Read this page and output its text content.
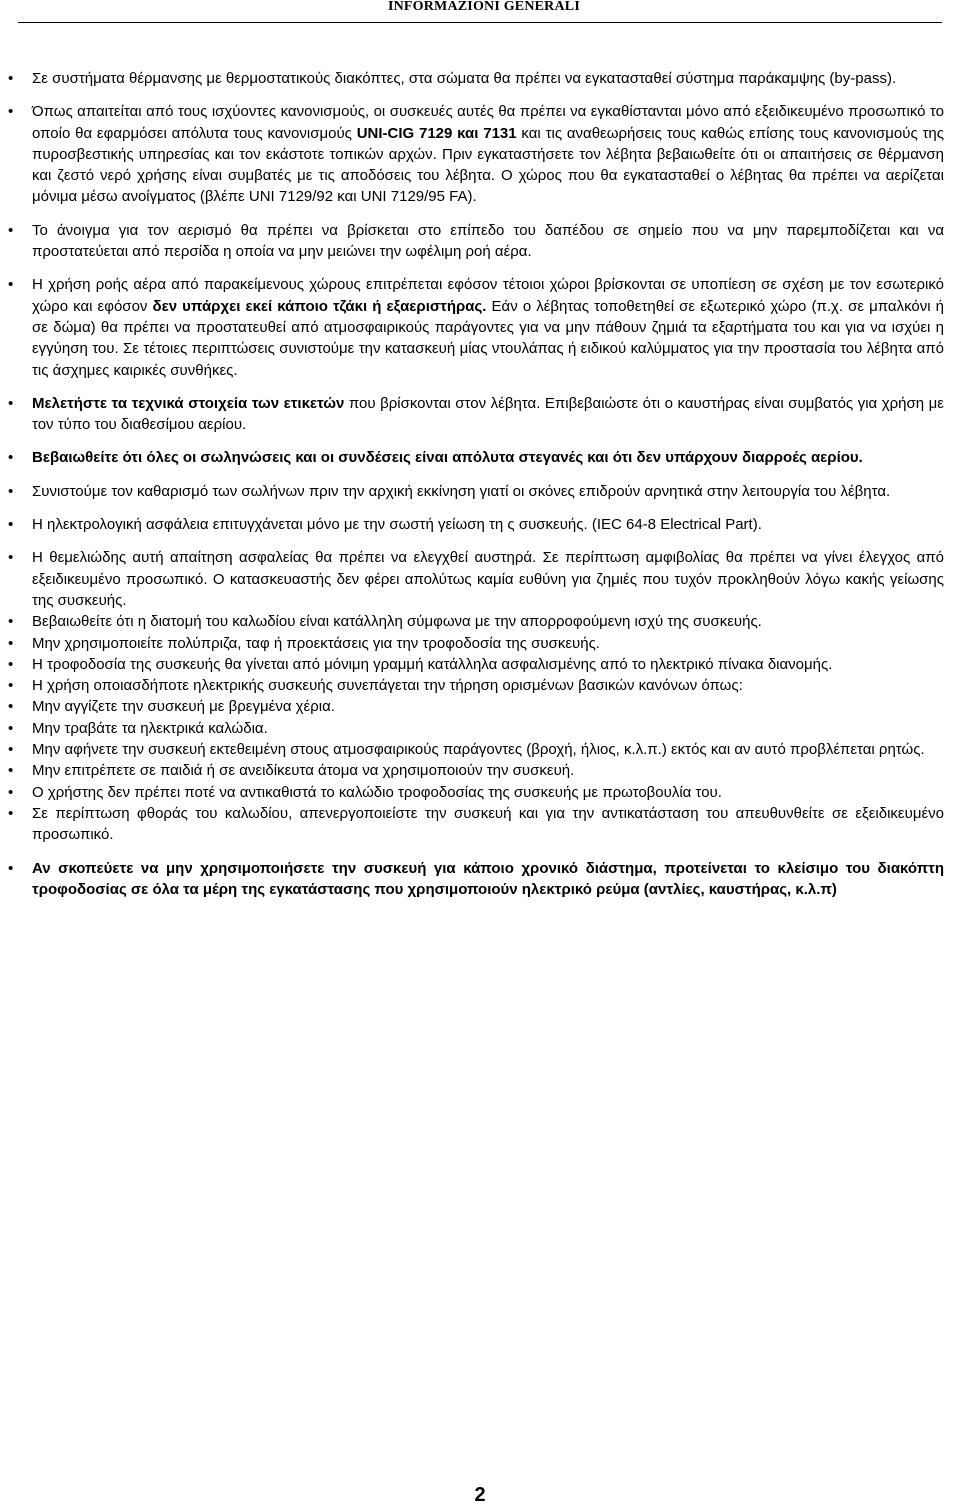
INFORMAZIONI GENERALI
• Σε συστήματα θέρμανσης με θερμοστατικούς διακόπτες, στα σώματα θα πρέπει να εγκατασταθεί σύστημα παράκαμψης (by-pass).
• Όπως απαιτείται από τους ισχύοντες κανονισμούς, οι συσκευές αυτές θα πρέπει να εγκαθίστανται μόνο από εξειδικευμένο προσωπικό το οποίο θα εφαρμόσει απόλυτα τους κανονισμούς UNI-CIG 7129 και 7131 και τις αναθεωρήσεις τους καθώς επίσης τους κανονισμούς της πυροσβεστικής υπηρεσίας και τον εκάστοτε τοπικών αρχών. Πριν εγκαταστήσετε τον λέβητα βεβαιωθείτε ότι οι απαιτήσεις σε θέρμανση και ζεστό νερό χρήσης είναι συμβατές με τις αποδόσεις του λέβητα. Ο χώρος που θα εγκατασταθεί ο λέβητας θα πρέπει να αερίζεται μόνιμα μέσω ανοίγματος (βλέπε UNI 7129/92 και UNI 7129/95 FA).
• Το άνοιγμα για τον αερισμό θα πρέπει να βρίσκεται στο επίπεδο του δαπέδου σε σημείο που να μην παρεμποδίζεται και να προστατεύεται από περσίδα η οποία να μην μειώνει την ωφέλιμη ροή αέρα.
• Η χρήση ροής αέρα από παρακείμενους χώρους επιτρέπεται εφόσον τέτοιοι χώροι βρίσκονται σε υποπίεση σε σχέση με τον εσωτερικό χώρο και εφόσον δεν υπάρχει εκεί κάποιο τζάκι ή εξαεριστήρας. Εάν ο λέβητας τοποθετηθεί σε εξωτερικό χώρο (π.χ. σε μπαλκόνι ή σε δώμα) θα πρέπει να προστατευθεί από ατμοσφαιρικούς παράγοντες για να μην πάθουν ζημιά τα εξαρτήματα του και για να ισχύει η εγγύηση του. Σε τέτοιες περιπτώσεις συνιστούμε την κατασκευή μίας ντουλάπας ή ειδικού καλύμματος για την προστασία του λέβητα από τις άσχημες καιρικές συνθήκες.
• Μελετήστε τα τεχνικά στοιχεία των ετικετών που βρίσκονται στον λέβητα. Επιβεβαιώστε ότι ο καυστήρας είναι συμβατός για χρήση με τον τύπο του διαθεσίμου αερίου.
• Βεβαιωθείτε ότι όλες οι σωληνώσεις και οι συνδέσεις είναι απόλυτα στεγανές και ότι δεν υπάρχουν διαρροές αερίου.
• Συνιστούμε τον καθαρισμό των σωλήνων πριν την αρχική εκκίνηση γιατί οι σκόνες επιδρούν αρνητικά στην λειτουργία του λέβητα.
• Η ηλεκτρολογική ασφάλεια επιτυγχάνεται μόνο με την σωστή γείωση τη ς συσκευής. (IEC 64-8 Electrical Part).
• Η θεμελιώδης αυτή απαίτηση ασφαλείας θα πρέπει να ελεγχθεί αυστηρά. Σε περίπτωση αμφιβολίας θα πρέπει να γίνει έλεγχος από εξειδικευμένο προσωπικό. Ο κατασκευαστής δεν φέρει απολύτως καμία ευθύνη για ζημιές που τυχόν προκληθούν λόγω κακής γείωσης της συσκευής.
• Βεβαιωθείτε ότι η διατομή του καλωδίου είναι κατάλληλη σύμφωνα με την απορροφούμενη ισχύ της συσκευής.
• Μην χρησιμοποιείτε πολύπριζα, ταφ ή προεκτάσεις για την τροφοδοσία της συσκευής.
• Η τροφοδοσία της συσκευής θα γίνεται από μόνιμη γραμμή κατάλληλα ασφαλισμένης από το ηλεκτρικό πίνακα διανομής.
• Η χρήση οποιασδήποτε ηλεκτρικής συσκευής συνεπάγεται την τήρηση ορισμένων βασικών κανόνων όπως:
• Μην αγγίζετε την συσκευή με βρεγμένα χέρια.
• Μην τραβάτε τα ηλεκτρικά καλώδια.
• Μην αφήνετε την συσκευή εκτεθειμένη στους ατμοσφαιρικούς παράγοντες (βροχή, ήλιος, κ.λ.π.) εκτός και αν αυτό προβλέπεται ρητώς.
• Μην επιτρέπετε σε παιδιά ή σε ανειδίκευτα άτομα να χρησιμοποιούν την συσκευή.
• Ο χρήστης δεν πρέπει ποτέ να αντικαθιστά το καλώδιο τροφοδοσίας της συσκευής με πρωτοβουλία του.
• Σε περίπτωση φθοράς του καλωδίου, απενεργοποιείστε την συσκευή και για την αντικατάσταση του απευθυνθείτε σε εξειδικευμένο προσωπικό.
• Αν σκοπεύετε να μην χρησιμοποιήσετε την συσκευή για κάποιο χρονικό διάστημα, προτείνεται το κλείσιμο του διακόπτη τροφοδοσίας σε όλα τα μέρη της εγκατάστασης που χρησιμοποιούν ηλεκτρικό ρεύμα (αντλίες, καυστήρας, κ.λ.π)
2
